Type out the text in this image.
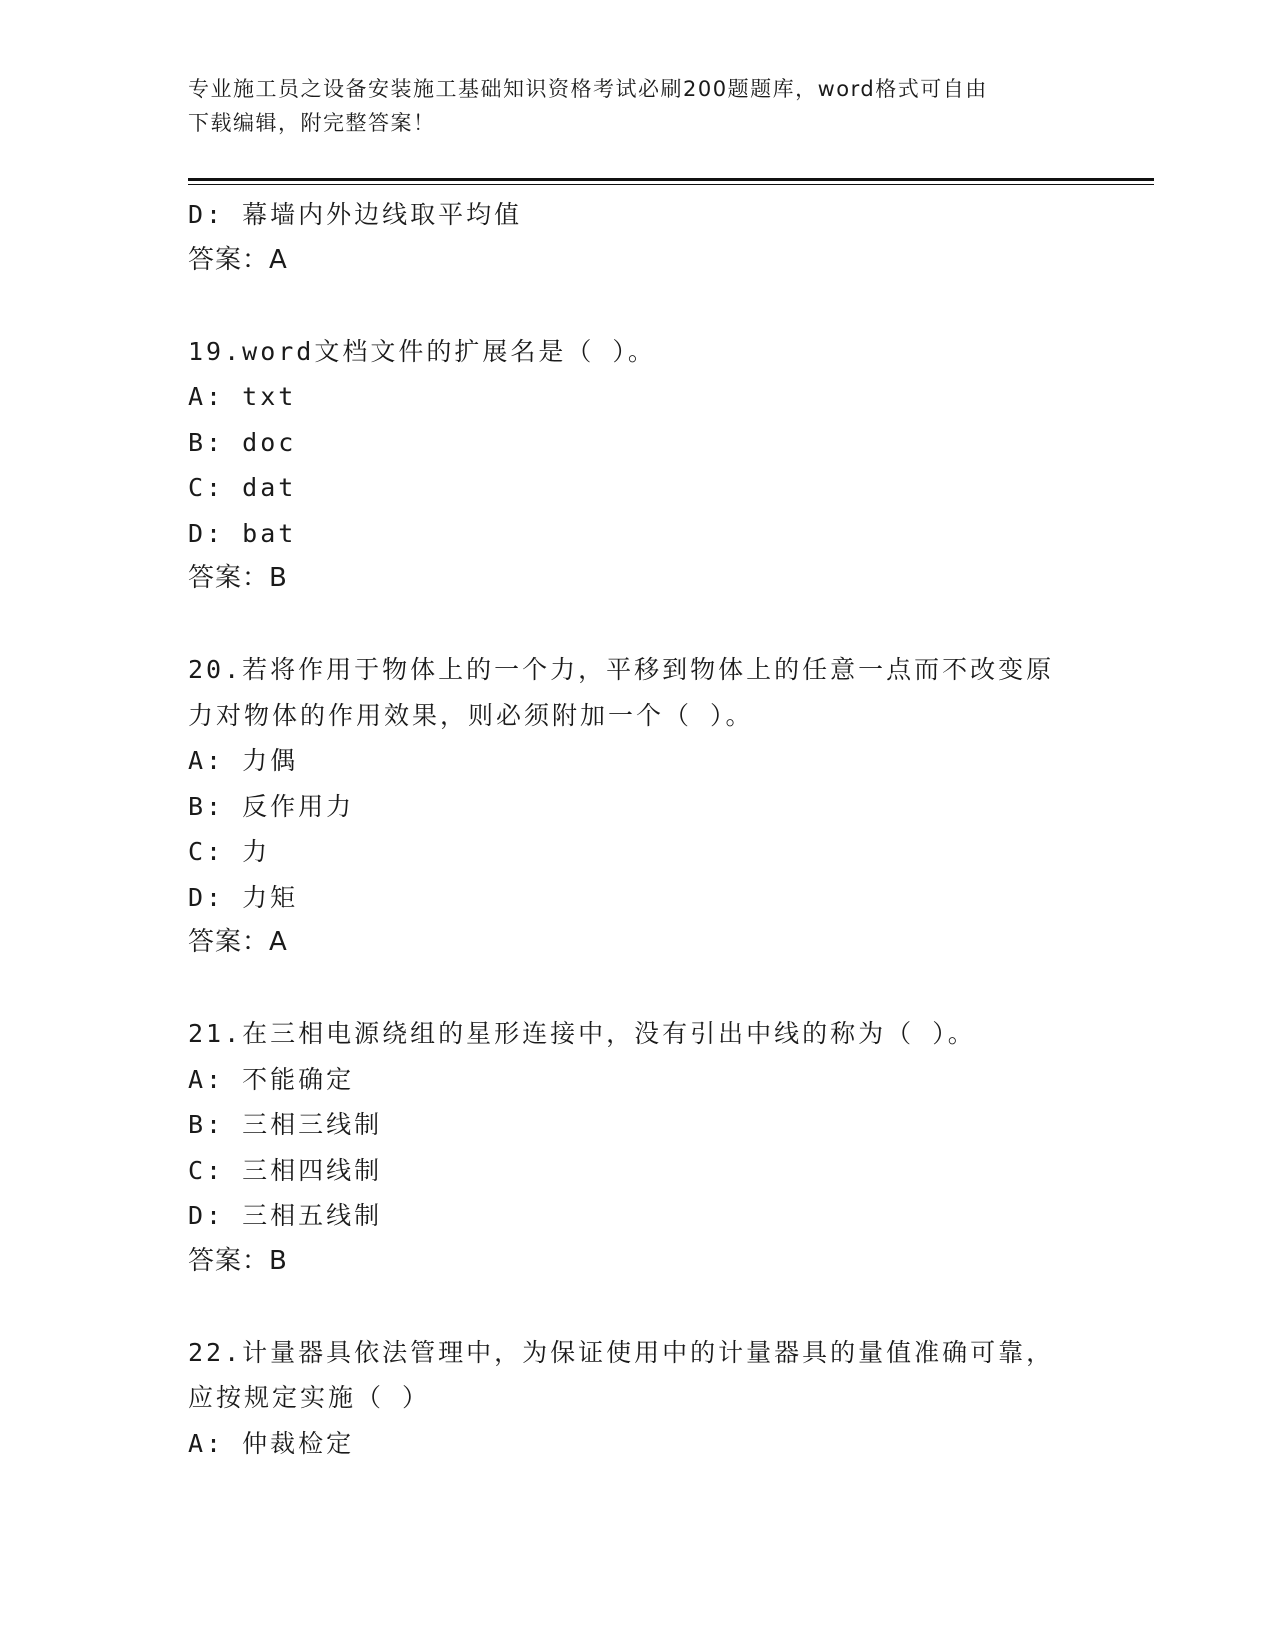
专业施工员之设备安装施工基础知识资格考试必刷200题题库，word格式可自由
下载编辑，附完整答案！
D: 幕墙内外边线取平均值
答案：A
19.word文档文件的扩展名是（ ）。
A: txt
B: doc
C: dat
D: bat
答案：B
20.若将作用于物体上的一个力，平移到物体上的任意一点而不改变原
力对物体的作用效果，则必须附加一个（ ）。
A: 力偶
B: 反作用力
C: 力
D: 力矩
答案：A
21.在三相电源绕组的星形连接中，没有引出中线的称为（ ）。
A: 不能确定
B: 三相三线制
C: 三相四线制
D: 三相五线制
答案：B
22.计量器具依法管理中，为保证使用中的计量器具的量值准确可靠，
应按规定实施（ ）
A: 仲裁检定
